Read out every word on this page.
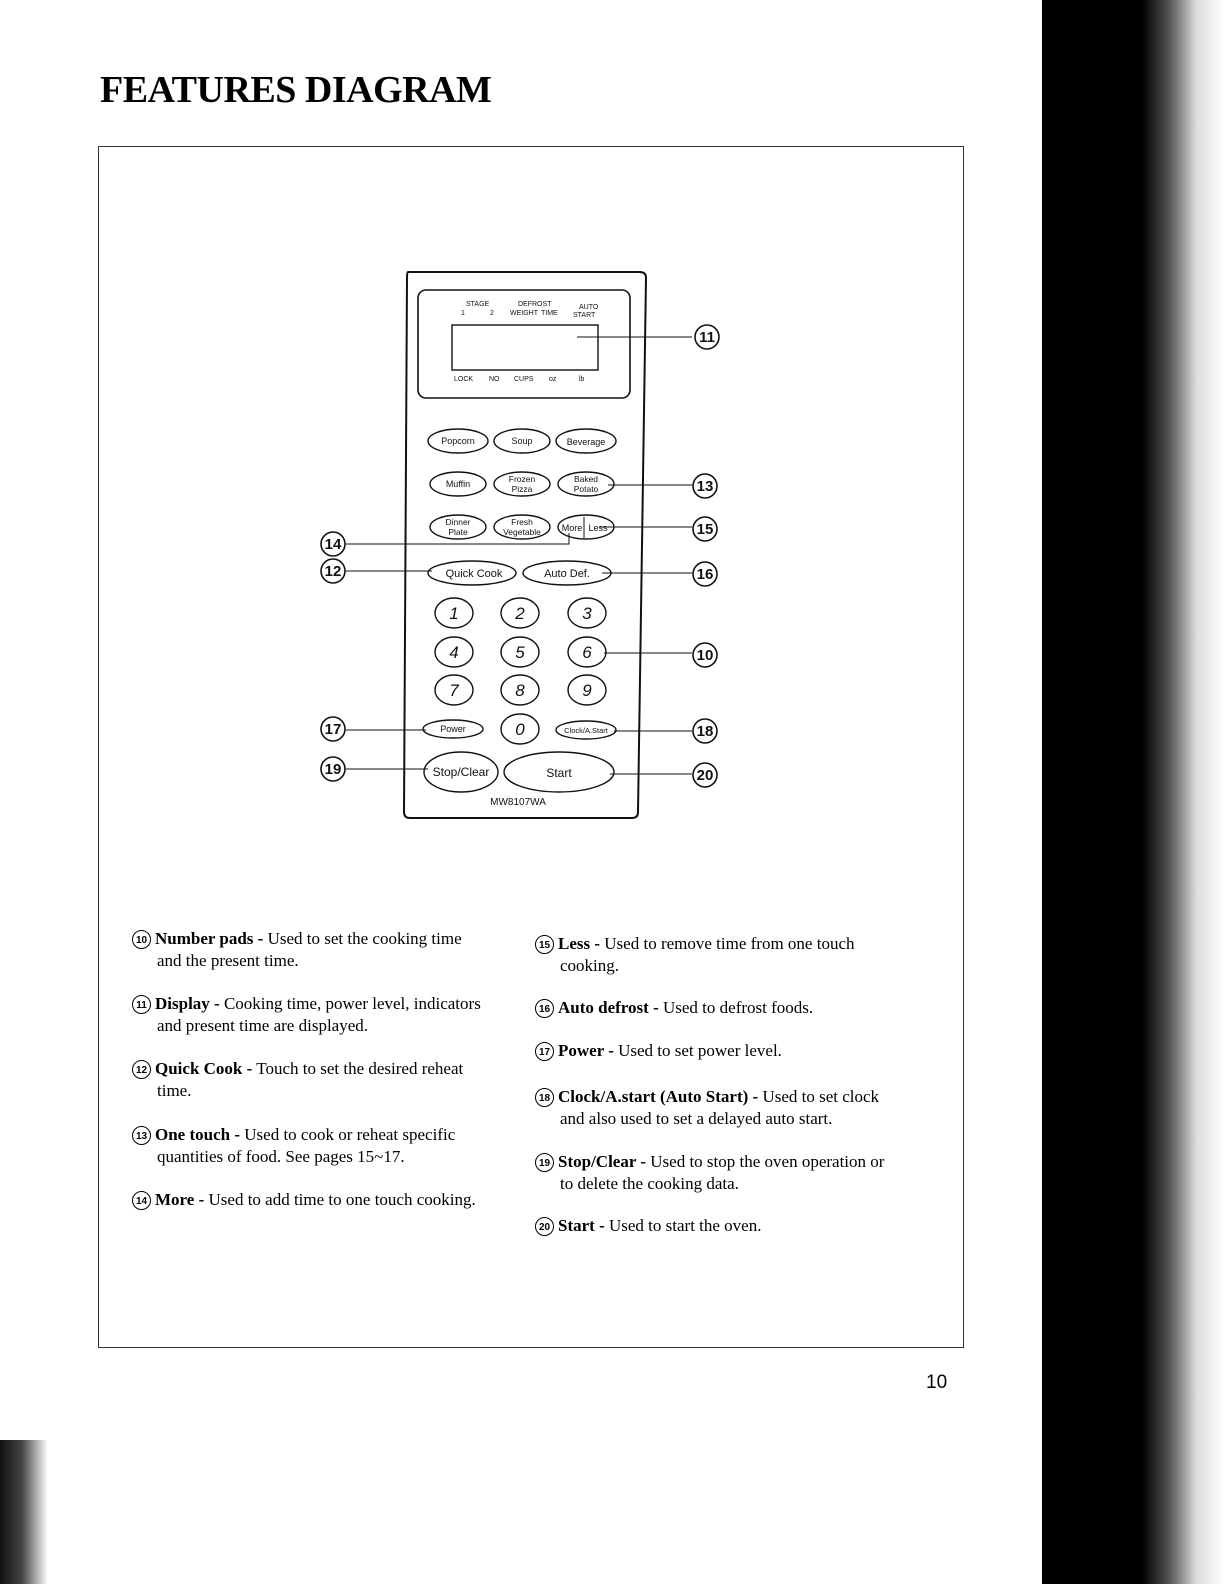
FEATURES DIAGRAM
STAGE
1	2
DEFROST
WEIGHT TIME
AUTO
START
LOCK NO CUPS oz	lb
Popcorn	Soup	Beverage
Muffin	Frozen
Pizza
Baked
Potato
Dinner
Plate
Fresh
Vegetable More Less
Quick Cook	Auto Def.
1	2	3
4	5	6
7	8	9
0
Power	Clock/A.Start
Stop/Clear	Start
MW8107WA
11
13
15
14
12	16
10
17	18
19	20
10 Number pads - Used to set the cooking time
and the present time.
11 Display - Cooking time, power level, indicators
and present time are displayed.
12 Quick Cook - Touch to set the desired reheat
time.
13 One touch - Used to cook or reheat specific
quantities of food. See pages 15~17.
14 More - Used to add time to one touch cooking.
15 Less - Used to remove time from one touch
cooking.
16 Auto defrost - Used to defrost foods.
17 Power - Used to set power level.
18 Clock/A.start (Auto Start) - Used to set clock
and also used to set a delayed auto start.
19 Stop/Clear - Used to stop the oven operation or
to delete the cooking data.
20 Start - Used to start the oven.
10
